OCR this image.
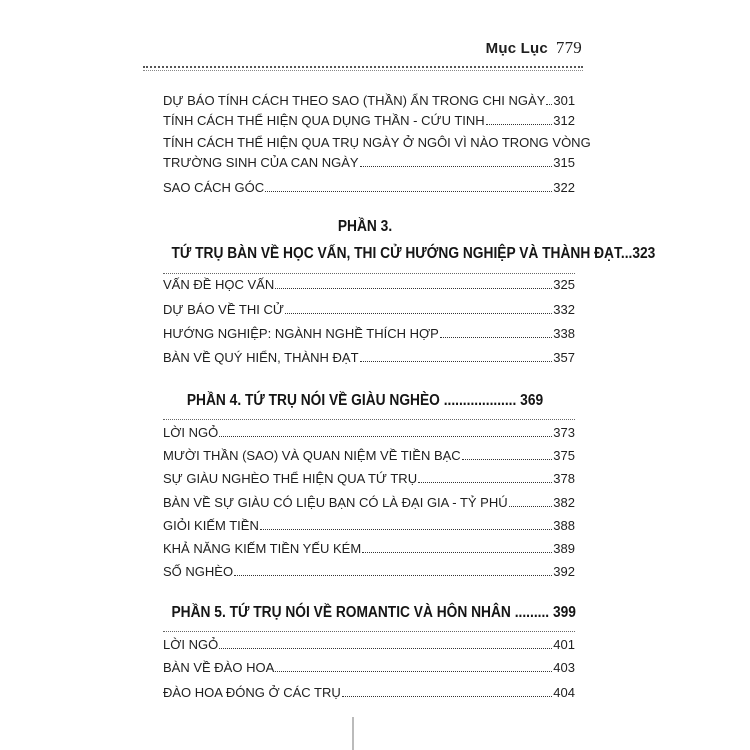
Mục Lục 779
DỰ BÁO TÍNH CÁCH THEO SAO (THẦN) ẨN TRONG CHI NGÀY 301
TÍNH CÁCH THỂ HIỆN QUA DỤNG THẦN - CỨU TINH	312
TÍNH CÁCH THỂ HIỆN QUA TRỤ NGÀY Ở NGÔI VÌ NÀO TRONG VÒNG
TRƯỜNG SINH CỦA CAN NGÀY	315
SAO CÁCH GÓC	322
PHẦN 3.
TỨ TRỤ BÀN VỀ HỌC VẤN, THI CỬ HƯỚNG NGHIỆP VÀ THÀNH ĐẠT...323
VẤN ĐỀ HỌC VẤN	325
DỰ BÁO VỀ THI CỬ	332
HƯỚNG NGHIỆP: NGÀNH NGHỀ THÍCH HỢP	338
BÀN VỀ QUÝ HIỂN, THÀNH ĐẠT	357
PHẦN 4. TỨ TRỤ NÓI VỀ GIÀU NGHÈO ................... 369
LỜI NGỎ	373
MƯỜI THẦN (SAO) VÀ QUAN NIỆM VỀ TIỀN BẠC	375
SỰ GIÀU NGHÈO THỂ HIỆN QUA TỨ TRỤ	378
BÀN VỀ SỰ GIÀU CÓ LIỆU BẠN CÓ LÀ ĐẠI GIA - TỶ PHÚ	382
GIỎI KIẾM TIỀN	388
KHẢ NĂNG KIẾM TIỀN YẾU KÉM	389
SỐ NGHÈO	392
PHẦN 5. TỨ TRỤ NÓI VỀ ROMANTIC VÀ HÔN NHÂN ......... 399
LỜI NGỎ	401
BÀN VỀ ĐÀO HOA	403
ĐÀO HOA ĐÓNG Ở CÁC TRỤ	404
